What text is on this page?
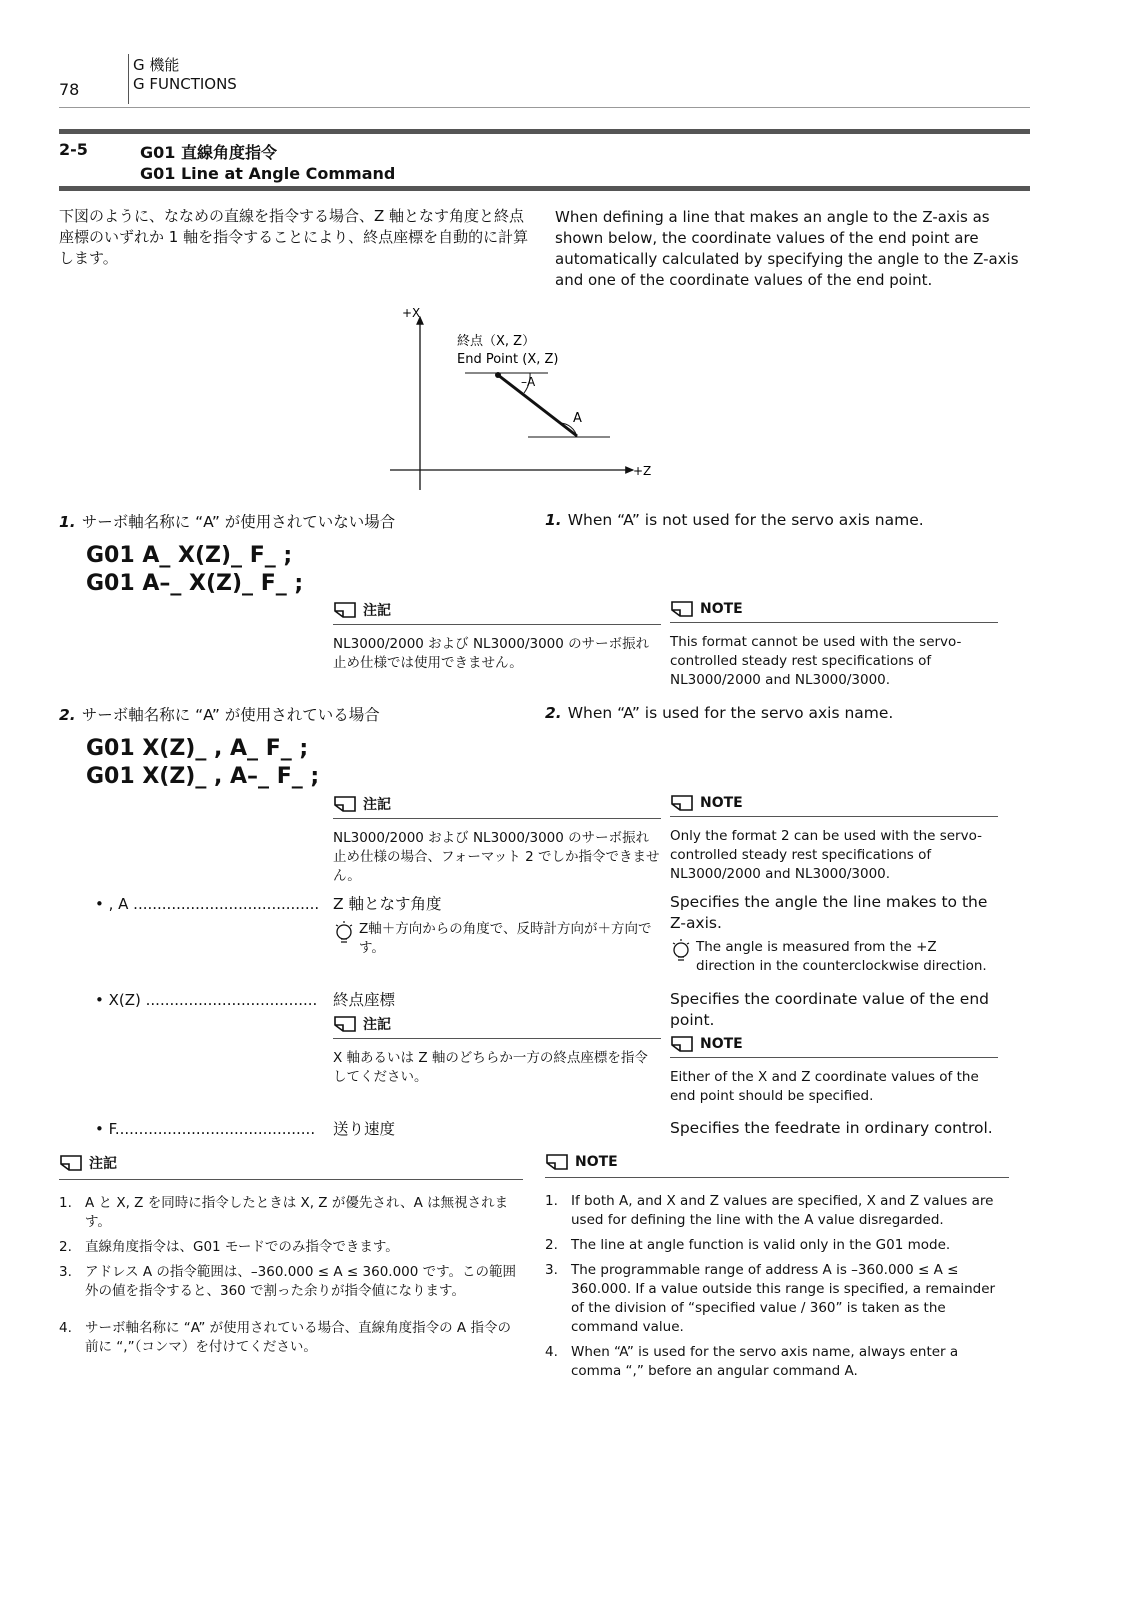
78
G 機能
G FUNCTIONS
2-5	G01 直線角度指令
G01 Line at Angle Command
下図のように、ななめの直線を指令する場合、Z 軸となす角度と終点座標のいずれか 1 軸を指令することにより、終点座標を自動的に計算します。
When defining a line that makes an angle to the Z-axis as shown below, the coordinate values of the end point are automatically calculated by specifying the angle to the Z-axis and one of the coordinate values of the end point.
+X
+Z
終点（X, Z）
End Point (X, Z)
–A
A
1. サーボ軸名称に “A” が使用されていない場合	1. When “A” is not used for the servo axis name.
G01 A_ X(Z)_ F_ ;
G01 A–_ X(Z)_ F_ ;
注記
NL3000/2000 および NL3000/3000 のサーボ振れ止め仕様では使用できません。
NOTE
This format cannot be used with the servo-controlled steady rest specifications of NL3000/2000 and NL3000/3000.
2. サーボ軸名称に “A” が使用されている場合	2. When “A” is used for the servo axis name.
G01 X(Z)_ , A_ F_ ;
G01 X(Z)_ , A–_ F_ ;
注記
NL3000/2000 および NL3000/3000 のサーボ振れ止め仕様の場合、フォーマット 2 でしか指令できません。
NOTE
Only the format 2 can be used with the servo-controlled steady rest specifications of NL3000/2000 and NL3000/3000.
• , A ....................................... Z 軸となす角度	Specifies the angle the line makes to the Z-axis.
Z軸＋方向からの角度で、反時計方向が＋方向です。	The angle is measured from the +Z direction in the counterclockwise direction.
• X(Z) .................................... 終点座標	Specifies the coordinate value of the end point.
注記
X 軸あるいは Z 軸のどちらか一方の終点座標を指令してください。
NOTE
Either of the X and Z coordinate values of the end point should be specified.
• F.......................................... 送り速度	Specifies the feedrate in ordinary control.
注記
1. A と X, Z を同時に指令したときは X, Z が優先され、A は無視されます。
2. 直線角度指令は、G01 モードでのみ指令できます。
3. アドレス A の指令範囲は、–360.000 ≤ A ≤ 360.000 です。この範囲外の値を指令すると、360 で割った余りが指令値になります。
4. サーボ軸名称に “A” が使用されている場合、直線角度指令の A 指令の前に “,”（コンマ）を付けてください。
NOTE
1. If both A, and X and Z values are specified, X and Z values are used for defining the line with the A value disregarded.
2. The line at angle function is valid only in the G01 mode.
3. The programmable range of address A is –360.000 ≤ A ≤ 360.000. If a value outside this range is specified, a remainder of the division of “specified value / 360” is taken as the command value.
4. When “A” is used for the servo axis name, always enter a comma “,” before an angular command A.
